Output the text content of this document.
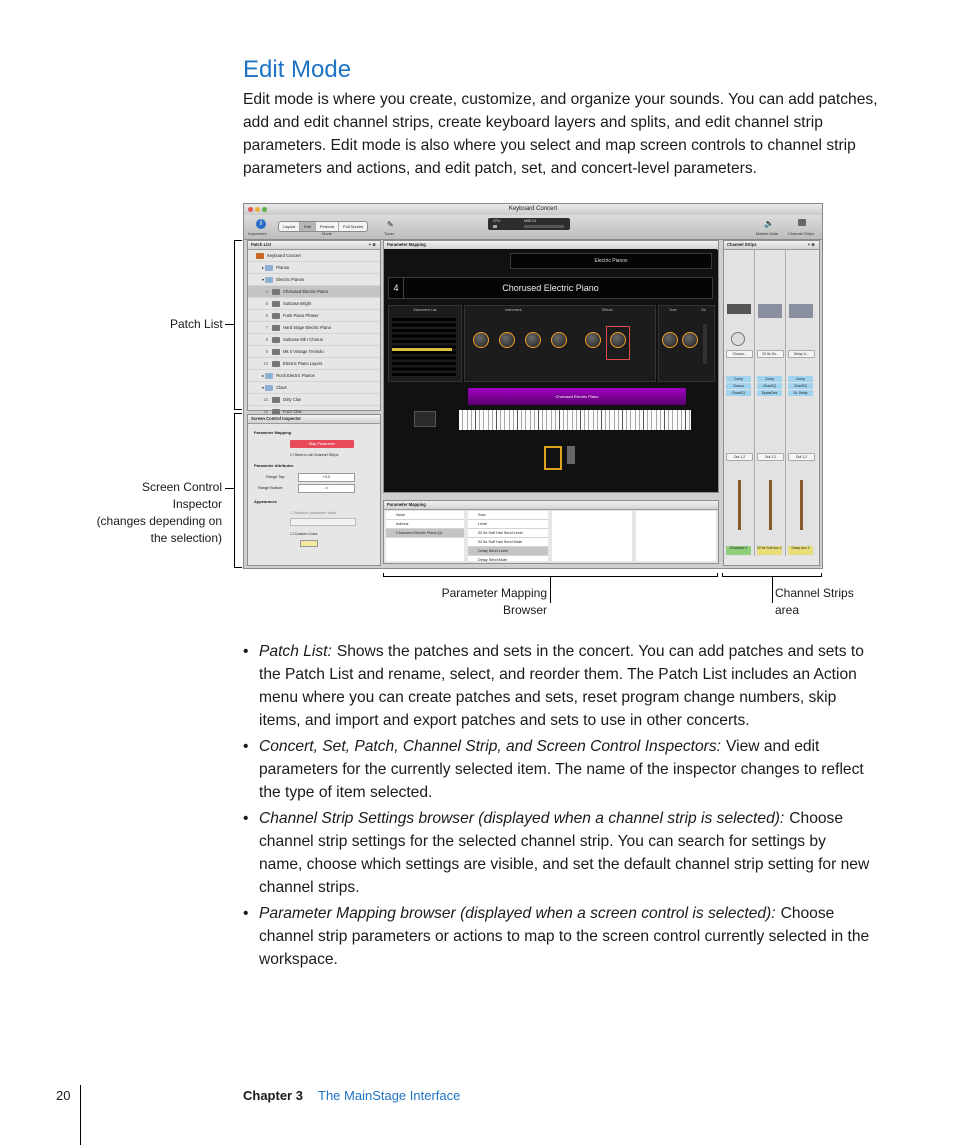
Edit Mode

Edit mode is where you create, customize, and organize your sounds. You can add patches, add and edit channel strips, create keyboard layers and splits, and edit channel strip parameters. Edit mode is also where you select and map screen controls to channel strip parameters and actions, and edit patch, set, and concert-level parameters.

Keyboard Concert
i	Layout	Edit	Perform	Full Screen
Inspectors	Mode	Tuner
✎	CPU	MIDI IN	🔈
Master Mute Channel Strips
Patch List	+ ⚙
Keyboard Concert
▸	Pianos
▾	Electric Pianos
4	Chorused Electric Piano
5	Suitcase Bright
6	Funk Piano Phaser
7	Hard Stage Electric Piano
8	Suitcase Mk I Chorus
9	Mk II Vintage Tremolo
10	Electric Piano Layers
▸	Rock Electric Pianos
▾	Clavs
15	Dirty Clav
16	Fuzz Clav
Screen Control Inspector
Parameter Mapping
Map Parameter
☐ Send to all Channel Strips
Parameter Attributes
Range Top:	+0.0
Range Bottom:	-∞
Appearance
☐ Replace parameter label
☐ Custom Color
Parameter Mapping
Electric Pianos
4	Chorused Electric Piano
Instrument List	Instrument	Effects	Tone	Vol
Chorused Electric Piano
Parameter Mapping
None
Actions
Chorused Electric Piano (1)
Solo
Level
02.5s Soft Hall Send Level
02.5s Soft Hall Send Mute
Delay Send Level
Delay Send Mute
Channel Strips	+ ⚙
Chorus...
Comp
Chorus
ChanEQ
Out 1-2
Chorused 1
02.5s So...
Comp
ChanEQ
SpaceDes
Out 1-2
02.5s Soft Aux 1
Delay 1/...
Comp
ChanEQ
St- Delay
Out 1-2
Delay Aux 2
Patch List
Screen Control
Inspector
(changes depending on
the selection)
Parameter Mapping
Browser
Channel Strips
area
• Patch List: Shows the patches and sets in the concert. You can add patches and sets to the Patch List and rename, select, and reorder them. The Patch List includes an Action menu where you can create patches and sets, reset program change numbers, skip items, and import and export patches and sets to use in other concerts.
• Concert, Set, Patch, Channel Strip, and Screen Control Inspectors: View and edit parameters for the currently selected item. The name of the inspector changes to reflect the type of item selected.
• Channel Strip Settings browser (displayed when a channel strip is selected): Choose channel strip settings for the selected channel strip. You can search for settings by name, choose which settings are visible, and set the default channel strip setting for new channel strips.
• Parameter Mapping browser (displayed when a screen control is selected): Choose channel strip parameters or actions to map to the screen control currently selected in the workspace.
20	Chapter 3 The MainStage Interface
